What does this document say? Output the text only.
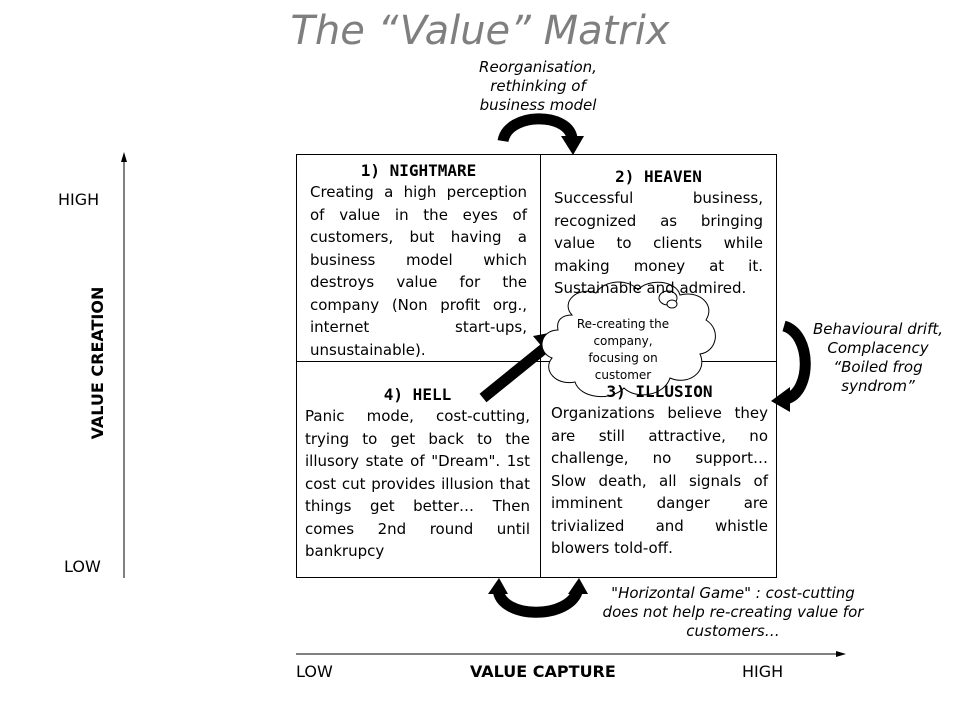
The “Value” Matrix
Reorganisation, rethinking of business model
Behavioural drift, Complacency “Boiled frog syndrom”
"Horizontal Game" : cost-cutting does not help re-creating value for customers…
1) NIGHTMARE
Creating a high perception of value in the eyes of customers, but having a business model which destroys value for the company (Non profit org., internet start-ups, unsustainable).
2) HEAVEN
Successful business, recognized as bringing value to clients while making money at it. Sustainable and admired.
4) HELL
Panic mode, cost-cutting, trying to get back to the illusory state of "Dream". 1st cost cut provides illusion that things get better… Then comes 2nd round until bankrupcy
3) ILLUSION
Organizations believe they are still attractive, no challenge, no support… Slow death, all signals of imminent danger are trivialized and whistle blowers told-off.
Re-creating the company, focusing on customer
HIGH
LOW
VALUE CREATION
LOW	VALUE CAPTURE	HIGH
